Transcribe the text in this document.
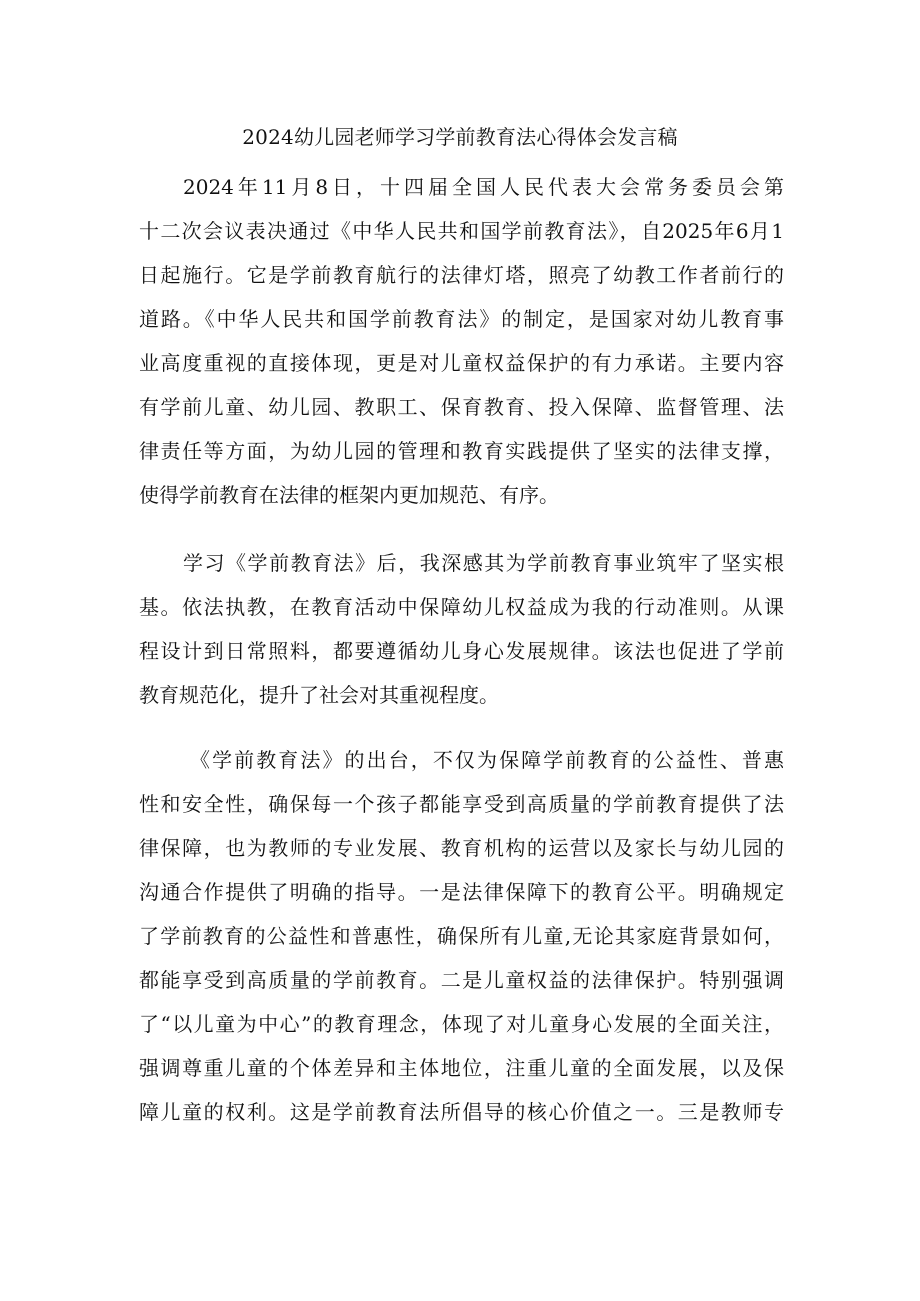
2024幼儿园老师学习学前教育法心得体会发言稿
2024年11月8日，十四届全国人民代表大会常务委员会第
十二次会议表决通过《中华人民共和国学前教育法》，自2025年6月1
日起施行。它是学前教育航行的法律灯塔，照亮了幼教工作者前行的
道路。《中华人民共和国学前教育法》的制定，是国家对幼儿教育事
业高度重视的直接体现，更是对儿童权益保护的有力承诺。主要内容
有学前儿童、幼儿园、教职工、保育教育、投入保障、监督管理、法
律责任等方面，为幼儿园的管理和教育实践提供了坚实的法律支撑，
使得学前教育在法律的框架内更加规范、有序。
学习《学前教育法》后，我深感其为学前教育事业筑牢了坚实根
基。依法执教，在教育活动中保障幼儿权益成为我的行动准则。从课
程设计到日常照料，都要遵循幼儿身心发展规律。该法也促进了学前
教育规范化，提升了社会对其重视程度。
《学前教育法》的出台，不仅为保障学前教育的公益性、普惠
性和安全性，确保每一个孩子都能享受到高质量的学前教育提供了法
律保障，也为教师的专业发展、教育机构的运营以及家长与幼儿园的
沟通合作提供了明确的指导。一是法律保障下的教育公平。明确规定
了学前教育的公益性和普惠性，确保所有儿童,无论其家庭背景如何，
都能享受到高质量的学前教育。二是儿童权益的法律保护。特别强调
了“以儿童为中心”的教育理念，体现了对儿童身心发展的全面关注，
强调尊重儿童的个体差异和主体地位，注重儿童的全面发展，以及保
障儿童的权利。这是学前教育法所倡导的核心价值之一。三是教师专
